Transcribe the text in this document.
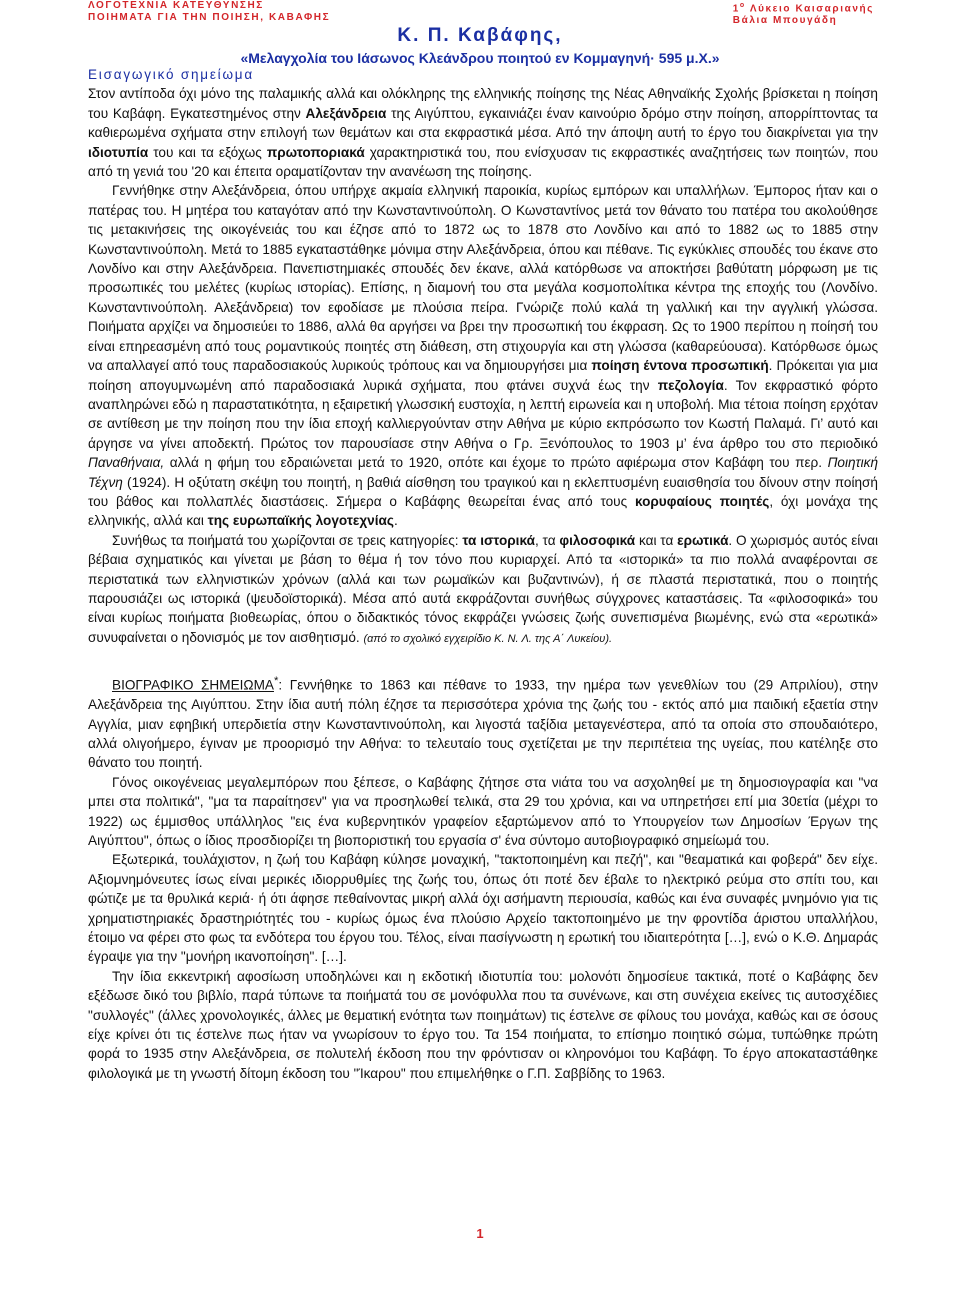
ΛΟΓΟΤΕΧΝΙΑ ΚΑΤΕΥΘΥΝΣΗΣ
ΠΟΙΗΜΑΤΑ ΓΙΑ ΤΗΝ ΠΟΙΗΣΗ, ΚΑΒΑΦΗΣ
$1^o$ Λύκειο Καισαριανής
Βάλια Μπουγάδη
Κ. Π. Καβάφης,
«Μελαγχολία του Ιάσωνος Κλεάνδρου ποιητού εν Κομμαγηνή· 595 μ.Χ.»

Εισαγωγικό σημείωμα

Στον αντίποδα όχι μόνο της παλαμικής αλλά και ολόκληρης της ελληνικής ποίησης της Νέας Αθηναϊκής Σχολής βρίσκεται η ποίηση του Καβάφη. Εγκατεστημένος στην Αλεξάνδρεια της Αιγύπτου, εγκαινιάζει έναν καινούριο δρόμο στην ποίηση, απορρίπτοντας τα καθιερωμένα σχήματα στην επιλογή των θεμάτων και στα εκφραστικά μέσα. Από την άποψη αυτή το έργο του διακρίνεται για την ιδιοτυπία του και τα εξόχως πρωτοποριακά χαρακτηριστικά του, που ενίσχυσαν τις εκφραστικές αναζητήσεις των ποιητών, που από τη γενιά του '20 και έπειτα οραματίζονταν την ανανέωση της ποίησης.

Γεννήθηκε στην Αλεξάνδρεια, όπου υπήρχε ακμαία ελληνική παροικία, κυρίως εμπόρων και υπαλλήλων. Έμπορος ήταν και ο πατέρας του. Η μητέρα του καταγόταν από την Κωνσταντινούπολη. Ο Κωνσταντίνος μετά τον θάνατο του πατέρα του ακολούθησε τις μετακινήσεις της οικογένειάς του και έζησε από το 1872 ως το 1878 στο Λονδίνο και από το 1882 ως το 1885 στην Κωνσταντινούπολη. Μετά το 1885 εγκαταστάθηκε μόνιμα στην Αλεξάνδρεια, όπου και πέθανε. Τις εγκύκλιες σπουδές του έκανε στο Λονδίνο και στην Αλεξάνδρεια. Πανεπιστημιακές σπουδές δεν έκανε, αλλά κατόρθωσε να αποκτήσει βαθύτατη μόρφωση με τις προσωπικές του μελέτες (κυρίως ιστορίας). Επίσης, η διαμονή του στα μεγάλα κοσμοπολίτικα κέντρα της εποχής του (Λονδίνο. Κωνσταντινούπολη. Αλεξάνδρεια) τον εφοδίασε με πλούσια πείρα. Γνώριζε πολύ καλά τη γαλλική και την αγγλική γλώσσα. Ποιήματα αρχίζει να δημοσιεύει το 1886, αλλά θα αργήσει να βρει την προσωπική του έκφραση. Ως το 1900 περίπου η ποίησή του είναι επηρεασμένη από τους ρομαντικούς ποιητές στη διάθεση, στη στιχουργία και στη γλώσσα (καθαρεύουσα). Κατόρθωσε όμως να απαλλαγεί από τους παραδοσιακούς λυρικούς τρόπους και να δημιουργήσει μια ποίηση έντονα προσωπική. Πρόκειται για μια ποίηση απογυμνωμένη από παραδοσιακά λυρικά σχήματα, που φτάνει συχνά έως την πεζολογία. Τον εκφραστικό φόρτο αναπληρώνει εδώ η παραστατικότητα, η εξαιρετική γλωσσική ευστοχία, η λεπτή ειρωνεία και η υποβολή. Μια τέτοια ποίηση ερχόταν σε αντίθεση με την ποίηση που την ίδια εποχή καλλιεργούνταν στην Αθήνα με κύριο εκπρόσωπο τον Κωστή Παλαμά. Γι’ αυτό και άργησε να γίνει αποδεκτή. Πρώτος τον παρουσίασε στην Αθήνα ο Γρ. Ξενόπουλος το 1903 μ’ ένα άρθρο του στο περιοδικό Παναθήναια, αλλά η φήμη του εδραιώνεται μετά το 1920, οπότε και έχομε το πρώτο αφιέρωμα στον Καβάφη του περ. Ποιητική Τέχνη (1924). Η οξύτατη σκέψη του ποιητή, η βαθιά αίσθηση του τραγικού και η εκλεπτυσμένη ευαισθησία του δίνουν στην ποίησή του βάθος και πολλαπλές διαστάσεις. Σήμερα ο Καβάφης θεωρείται ένας από τους κορυφαίους ποιητές, όχι μονάχα της ελληνικής, αλλά και της ευρωπαϊκής λογοτεχνίας.

Συνήθως τα ποιήματά του χωρίζονται σε τρεις κατηγορίες: τα ιστορικά, τα φιλοσοφικά και τα ερωτικά. Ο χωρισμός αυτός είναι βέβαια σχηματικός και γίνεται με βάση το θέμα ή τον τόνο που κυριαρχεί. Από τα «ιστορικά» τα πιο πολλά αναφέρονται σε περιστατικά των ελληνιστικών χρόνων (αλλά και των ρωμαϊκών και βυζαντινών), ή σε πλαστά περιστατικά, που ο ποιητής παρουσιάζει ως ιστορικά (ψευδοϊστορικά). Μέσα από αυτά εκφράζονται συνήθως σύγχρονες καταστάσεις. Τα «φιλοσοφικά» του είναι κυρίως ποιήματα βιοθεωρίας, όπου ο διδακτικός τόνος εκφράζει γνώσεις ζωής συνεπισμένα βιωμένης, ενώ στα «ερωτικά» συνυφαίνεται ο ηδονισμός με τον αισθητισμό. (από το σχολικό εγχειρίδιο Κ. Ν. Λ. της Α΄ Λυκείου).

ΒΙΟΓΡΑΦΙΚΟ ΣΗΜΕΙΩΜΑ*: Γεννήθηκε το 1863 και πέθανε το 1933, την ημέρα των γενεθλίων του (29 Απριλίου), στην Αλεξάνδρεια της Αιγύπτου. Στην ίδια αυτή πόλη έζησε τα περισσότερα χρόνια της ζωής του - εκτός από μια παιδική εξαετία στην Αγγλία, μιαν εφηβική υπερδιετία στην Κωνσταντινούπολη, και λιγοστά ταξίδια μεταγενέστερα, από τα οποία στο σπουδαιότερο, αλλά ολιγοήμερο, έγιναν με προορισμό την Αθήνα: το τελευταίο τους σχετίζεται με την περιπέτεια της υγείας, που κατέληξε στο θάνατο του ποιητή.

Γόνος οικογένειας μεγαλεμπόρων που ξέπεσε, ο Καβάφης ζήτησε στα νιάτα του να ασχοληθεί με τη δημοσιογραφία και "να μπει στα πολιτικά", "μα τα παραίτησεν" για να προσηλωθεί τελικά, στα 29 του χρόνια, και να υπηρετήσει επί μια 30ετία (μέχρι το 1922) ως έμμισθος υπάλληλος "εις ένα κυβερνητικόν γραφείον εξαρτώμενον από το Υπουργείον των Δημοσίων Έργων της Αιγύπτου", όπως ο ίδιος προσδιορίζει τη βιοποριστική του εργασία σ' ένα σύντομο αυτοβιογραφικό σημείωμά του.

Εξωτερικά, τουλάχιστον, η ζωή του Καβάφη κύλησε μοναχική, "τακτοποιημένη και πεζή", και "θεαματικά και φοβερά" δεν είχε. Αξιομνημόνευτες ίσως είναι μερικές ιδιορρυθμίες της ζωής του, όπως ότι ποτέ δεν έβαλε το ηλεκτρικό ρεύμα στο σπίτι του, και φώτιζε με τα θρυλικά κεριά· ή ότι άφησε πεθαίνοντας μικρή αλλά όχι ασήμαντη περιουσία, καθώς και ένα συναφές μνημόνιο για τις χρηματιστηριακές δραστηριότητές του - κυρίως όμως ένα πλούσιο Αρχείο τακτοποιημένο με την φροντίδα άριστου υπαλλήλου, έτοιμο να φέρει στο φως τα ενδότερα του έργου του. Τέλος, είναι πασίγνωστη η ερωτική του ιδιαιτερότητα […], ενώ ο Κ.Θ. Δημαράς έγραψε για την "μονήρη ικανοποίηση". […].

Την ίδια εκκεντρική αφοσίωση υποδηλώνει και η εκδοτική ιδιοτυπία του: μολονότι δημοσίευε τακτικά, ποτέ ο Καβάφης δεν εξέδωσε δικό του βιβλίο, παρά τύπωνε τα ποιήματά του σε μονόφυλλα που τα συνένωνε, και στη συνέχεια εκείνες τις αυτοσχέδιες "συλλογές" (άλλες χρονολογικές, άλλες με θεματική ενότητα των ποιημάτων) τις έστελνε σε φίλους του μονάχα, καθώς και σε όσους είχε κρίνει ότι τις έστελνε πως ήταν να γνωρίσουν το έργο του. Τα 154 ποιήματα, το επίσημο ποιητικό σώμα, τυπώθηκε πρώτη φορά το 1935 στην Αλεξάνδρεια, σε πολυτελή έκδοση που την φρόντισαν οι κληρονόμοι του Καβάφη. Το έργο αποκαταστάθηκε φιλολογικά με τη γνωστή δίτομη έκδοση του "Ίκαρου" που επιμελήθηκε ο Γ.Π. Σαββίδης το 1963.

1
